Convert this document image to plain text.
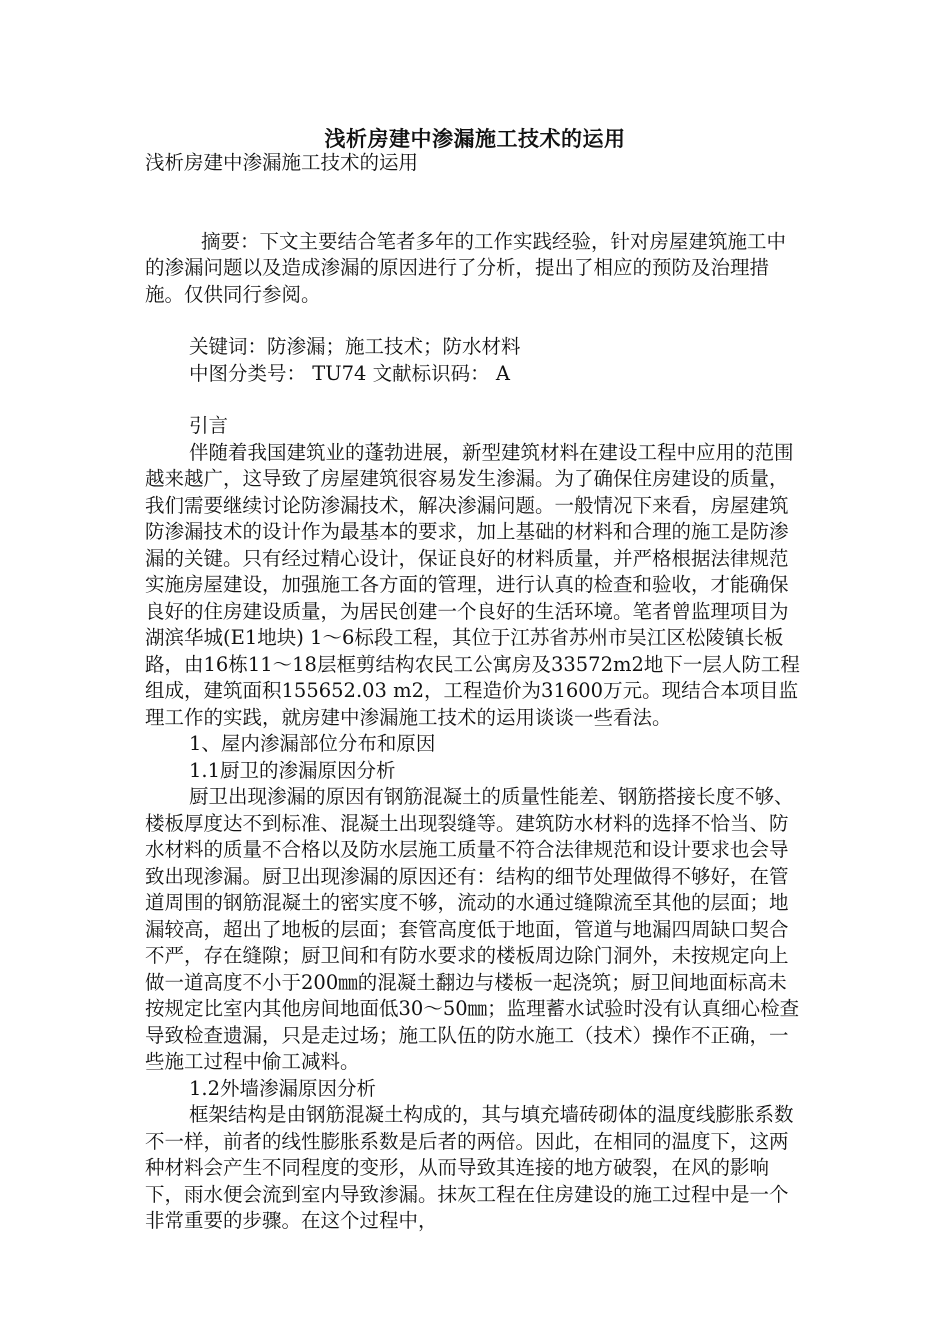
浅析房建中渗漏施工技术的运用

浅析房建中渗漏施工技术的运用

摘要：下文主要结合笔者多年的工作实践经验，针对房屋建筑施工中的渗漏问题以及造成渗漏的原因进行了分析，提出了相应的预防及治理措施。仅供同行参阅。

关键词：防渗漏；施工技术；防水材料

中图分类号： TU74 文献标识码： A

引言

伴随着我国建筑业的蓬勃进展，新型建筑材料在建设工程中应用的范围越来越广，这导致了房屋建筑很容易发生渗漏。为了确保住房建设的质量，我们需要继续讨论防渗漏技术，解决渗漏问题。一般情况下来看，房屋建筑防渗漏技术的设计作为最基本的要求，加上基础的材料和合理的施工是防渗漏的关键。只有经过精心设计，保证良好的材料质量，并严格根据法律规范实施房屋建设，加强施工各方面的管理，进行认真的检查和验收，才能确保良好的住房建设质量，为居民创建一个良好的生活环境。笔者曾监理项目为湖滨华城(E1地块) 1～6标段工程，其位于江苏省苏州市吴江区松陵镇长板路，由16栋11～18层框剪结构农民工公寓房及33572m2地下一层人防工程组成，建筑面积155652.03 m2，工程造价为31600万元。现结合本项目监理工作的实践，就房建中渗漏施工技术的运用谈谈一些看法。

1、屋内渗漏部位分布和原因

1.1厨卫的渗漏原因分析

厨卫出现渗漏的原因有钢筋混凝土的质量性能差、钢筋搭接长度不够、楼板厚度达不到标准、混凝土出现裂缝等。建筑防水材料的选择不恰当、防水材料的质量不合格以及防水层施工质量不符合法律规范和设计要求也会导致出现渗漏。厨卫出现渗漏的原因还有：结构的细节处理做得不够好，在管道周围的钢筋混凝土的密实度不够，流动的水通过缝隙流至其他的层面；地漏较高，超出了地板的层面；套管高度低于地面，管道与地漏四周缺口契合不严，存在缝隙；厨卫间和有防水要求的楼板周边除门洞外，未按规定向上做一道高度不小于200㎜的混凝土翻边与楼板一起浇筑；厨卫间地面标高未按规定比室内其他房间地面低30～50㎜；监理蓄水试验时没有认真细心检查导致检查遗漏，只是走过场；施工队伍的防水施工（技术）操作不正确，一些施工过程中偷工减料。

1.2外墙渗漏原因分析

框架结构是由钢筋混凝土构成的，其与填充墙砖砌体的温度线膨胀系数不一样，前者的线性膨胀系数是后者的两倍。因此，在相同的温度下，这两种材料会产生不同程度的变形，从而导致其连接的地方破裂，在风的影响下，雨水便会流到室内导致渗漏。抹灰工程在住房建设的施工过程中是一个非常重要的步骤。在这个过程中，
